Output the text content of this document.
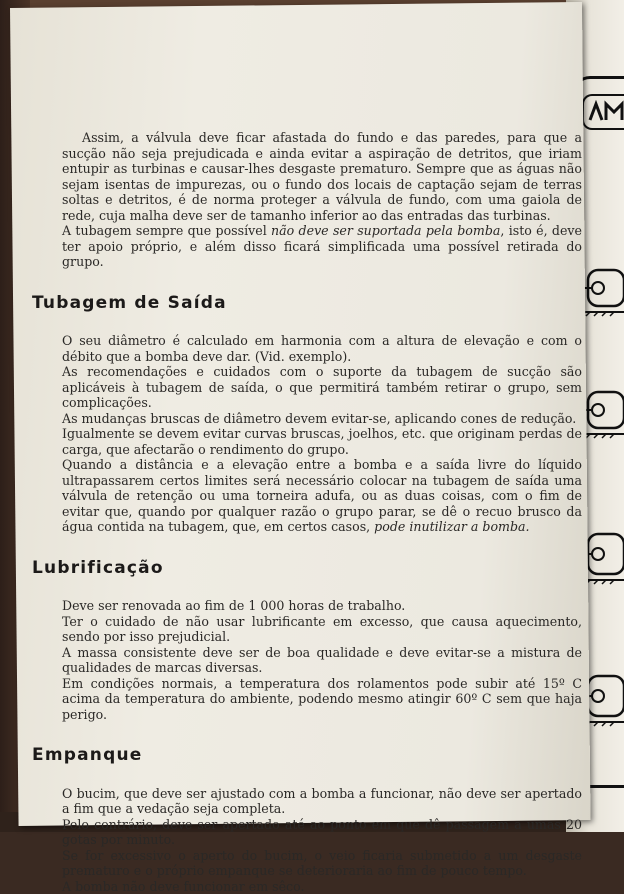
Assim, a válvula deve ficar afastada do fundo e das paredes, para que a sucção não seja prejudicada e ainda evitar a aspiração de detritos, que iriam entupir as turbinas e causar-lhes desgaste prematuro. Sempre que as águas não sejam isentas de impurezas, ou o fundo dos locais de captação sejam de terras soltas e detritos, é de norma proteger a válvula de fundo, com uma gaiola de rede, cuja malha deve ser de tamanho inferior ao das entradas das turbinas.

A tubagem sempre que possível não deve ser suportada pela bomba, isto é, deve ter apoio próprio, e além disso ficará simplificada uma possível retirada do grupo.

Tubagem de Saída

O seu diâmetro é calculado em harmonia com a altura de elevação e com o débito que a bomba deve dar. (Vid. exemplo).

As recomendações e cuidados com o suporte da tubagem de sucção são aplicáveis à tubagem de saída, o que permitirá também retirar o grupo, sem complicações.

As mudanças bruscas de diâmetro devem evitar-se, aplicando cones de redução.

Igualmente se devem evitar curvas bruscas, joelhos, etc. que originam perdas de carga, que afectarão o rendimento do grupo.

Quando a distância e a elevação entre a bomba e a saída livre do líquido ultrapassarem certos limites será necessário colocar na tubagem de saída uma válvula de retenção ou uma torneira adufa, ou as duas coisas, com o fim de evitar que, quando por qualquer razão o grupo parar, se dê o recuo brusco da água contida na tubagem, que, em certos casos, pode inutilizar a bomba.

Lubrificação

Deve ser renovada ao fim de 1 000 horas de trabalho.

Ter o cuidado de não usar lubrificante em excesso, que causa aquecimento, sendo por isso prejudicial.

A massa consistente deve ser de boa qualidade e deve evitar-se a mistura de qualidades de marcas diversas.

Em condições normais, a temperatura dos rolamentos pode subir até 15º C acima da temperatura do ambiente, podendo mesmo atingir 60º C sem que haja perigo.

Empanque

O bucim, que deve ser ajustado com a bomba a funcionar, não deve ser apertado a fim que a vedação seja completa.

Pelo contrário, deve ser apertado até ao ponto em que dê passagem a umas 20 gotas por minuto.

Se for excessivo o aperto do bucim, o veio ficaria submetido a um desgaste prematuro e o próprio empanque se deterioraria ao fim de pouco tempo.

A bomba não deve funcionar em sêco.
